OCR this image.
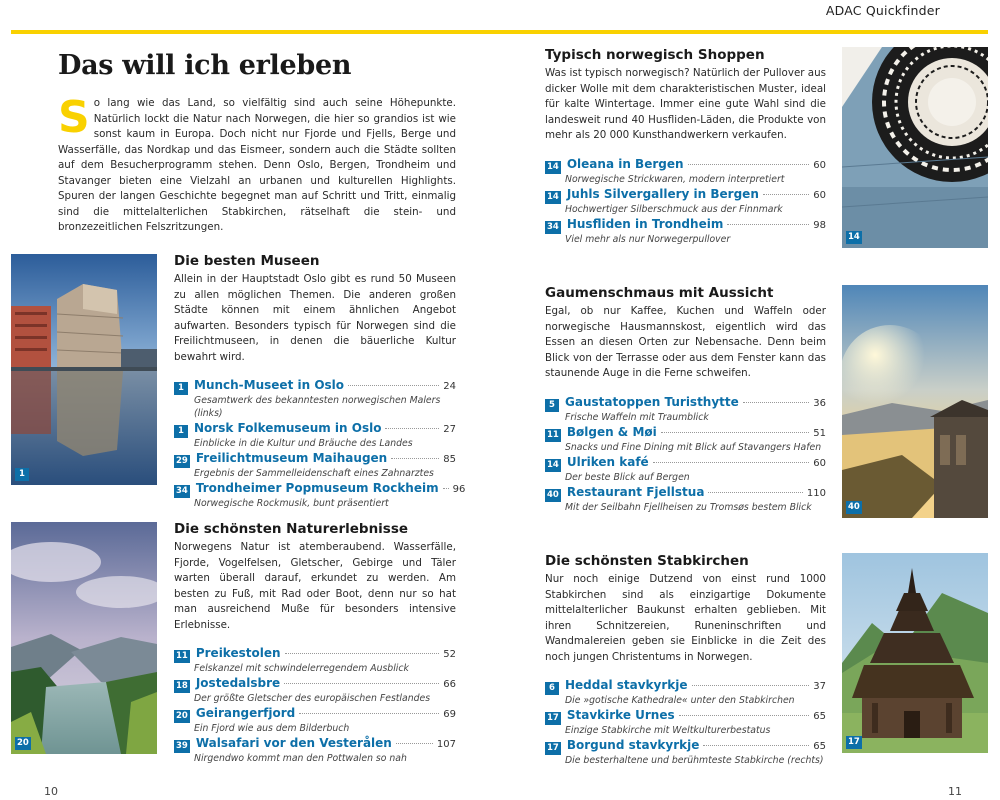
ADAC Quickfinder
Das will ich erleben
So lang wie das Land, so vielfältig sind auch seine Höhepunkte. Natürlich lockt die Natur nach Norwegen, die hier so grandios ist wie sonst kaum in Europa. Doch nicht nur Fjorde und Fjells, Berge und Wasserfälle, das Nordkap und das Eismeer, sondern auch die Städte sollten auf dem Besucherprogramm stehen. Denn Oslo, Bergen, Trondheim und Stavanger bieten eine Vielzahl an urbanen und kulturellen Highlights. Spuren der langen Geschichte begegnet man auf Schritt und Tritt, einmalig sind die mittelalterlichen Stabkirchen, rätselhaft die stein- und bronzezeitlichen Felszritzungen.
1
Die besten Museen
Allein in der Hauptstadt Oslo gibt es rund 50 Museen zu allen möglichen Themen. Die anderen großen Städte können mit einem ähnlichen Angebot aufwarten. Besonders typisch für Norwegen sind die Freilichtmuseen, in denen die bäuerliche Kultur bewahrt wird.
1 Munch-Museet in Oslo	24
Gesamtwerk des bekanntesten norwegischen Malers (links)
1 Norsk Folkemuseum in Oslo	27
Einblicke in die Kultur und Bräuche des Landes
29 Freilichtmuseum Maihaugen	85
Ergebnis der Sammelleidenschaft eines Zahnarztes
34 Trondheimer Popmuseum Rockheim 96
Norwegische Rockmusik, bunt präsentiert
20
Die schönsten Naturerlebnisse
Norwegens Natur ist atemberaubend. Wasserfälle, Fjorde, Vogelfelsen, Gletscher, Gebirge und Täler warten überall darauf, erkundet zu werden. Am besten zu Fuß, mit Rad oder Boot, denn nur so hat man ausreichend Muße für besonders intensive Erlebnisse.
11 Preikestolen	52
Felskanzel mit schwindelerregendem Ausblick
18 Jostedalsbre	66
Der größte Gletscher des europäischen Festlandes
20 Geirangerfjord	69
Ein Fjord wie aus dem Bilderbuch
39 Walsafari vor den Vesterålen	107
Nirgendwo kommt man den Pottwalen so nah
10
Typisch norwegisch Shoppen
Was ist typisch norwegisch? Natürlich der Pullover aus dicker Wolle mit dem charakteristischen Muster, ideal für kalte Wintertage. Immer eine gute Wahl sind die landesweit rund 40 Husfliden-Läden, die Produkte von mehr als 20 000 Kunsthandwerkern verkaufen.
14 Oleana in Bergen	60
Norwegische Strickwaren, modern interpretiert
14 Juhls Silvergallery in Bergen	60
Hochwertiger Silberschmuck aus der Finnmark
34 Husfliden in Trondheim	98
Viel mehr als nur Norwegerpullover	14
Gaumenschmaus mit Aussicht
Egal, ob nur Kaffee, Kuchen und Waffeln oder norwegische Hausmannskost, eigentlich wird das Essen an diesen Orten zur Nebensache. Denn beim Blick von der Terrasse oder aus dem Fenster kann das staunende Auge in die Ferne schweifen.
5 Gaustatoppen Turisthytte	36
Frische Waffeln mit Traumblick
11 Bølgen & Møi	51
Snacks und Fine Dining mit Blick auf Stavangers Hafen
14 Ulriken kafé	60
Der beste Blick auf Bergen
40 Restaurant Fjellstua	110
Mit der Seilbahn Fjellheisen zu Tromsøs bestem Blick	40
Die schönsten Stabkirchen
Nur noch einige Dutzend von einst rund 1000 Stabkirchen sind als einzigartige Dokumente mittelalterlicher Baukunst erhalten geblieben. Mit ihren Schnitzereien, Runeninschriften und Wandmalereien geben sie Einblicke in die Zeit des noch jungen Christentums in Norwegen.
6 Heddal stavkyrkje	37
Die »gotische Kathedrale« unter den Stabkirchen
17 Stavkirke Urnes	65
Einzige Stabkirche mit Weltkulturerbestatus
17 Borgund stavkyrkje	65
Die besterhaltene und berühmteste Stabkirche (rechts)
17
11
